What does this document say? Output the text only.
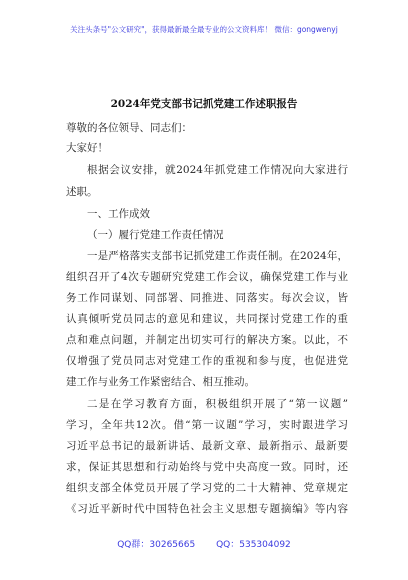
关注头条号"公文研究"，获得最新最全最专业的公文资料库！ 微信：gongwenyj
2024年党支部书记抓党建工作述职报告
尊敬的各位领导、同志们：
大家好！
根据会议安排，就2024年抓党建工作情况向大家进行
述职。
一、工作成效
（一）履行党建工作责任情况
一是严格落实支部书记抓党建工作责任制。在2024年，
组织召开了4次专题研究党建工作会议，确保党建工作与业
务工作同谋划、同部署、同推进、同落实。每次会议，皆
认真倾听党员同志的意见和建议，共同探讨党建工作的重
点和难点问题，并制定出切实可行的解决方案。以此，不
仅增强了党员同志对党建工作的重视和参与度，也促进党
建工作与业务工作紧密结合、相互推动。
二是在学习教育方面，积极组织开展了“第一议题”
学习，全年共12次。借“第一议题”学习，实时跟进学习
习近平总书记的最新讲话、最新文章、最新指示、最新要
求，保证其思想和行动始终与党中央高度一致。同时，还
组织支部全体党员开展了学习党的二十大精神、党章规定
《习近平新时代中国特色社会主义思想专题摘编》等内容
QQ群：30265665 QQ：535304092
